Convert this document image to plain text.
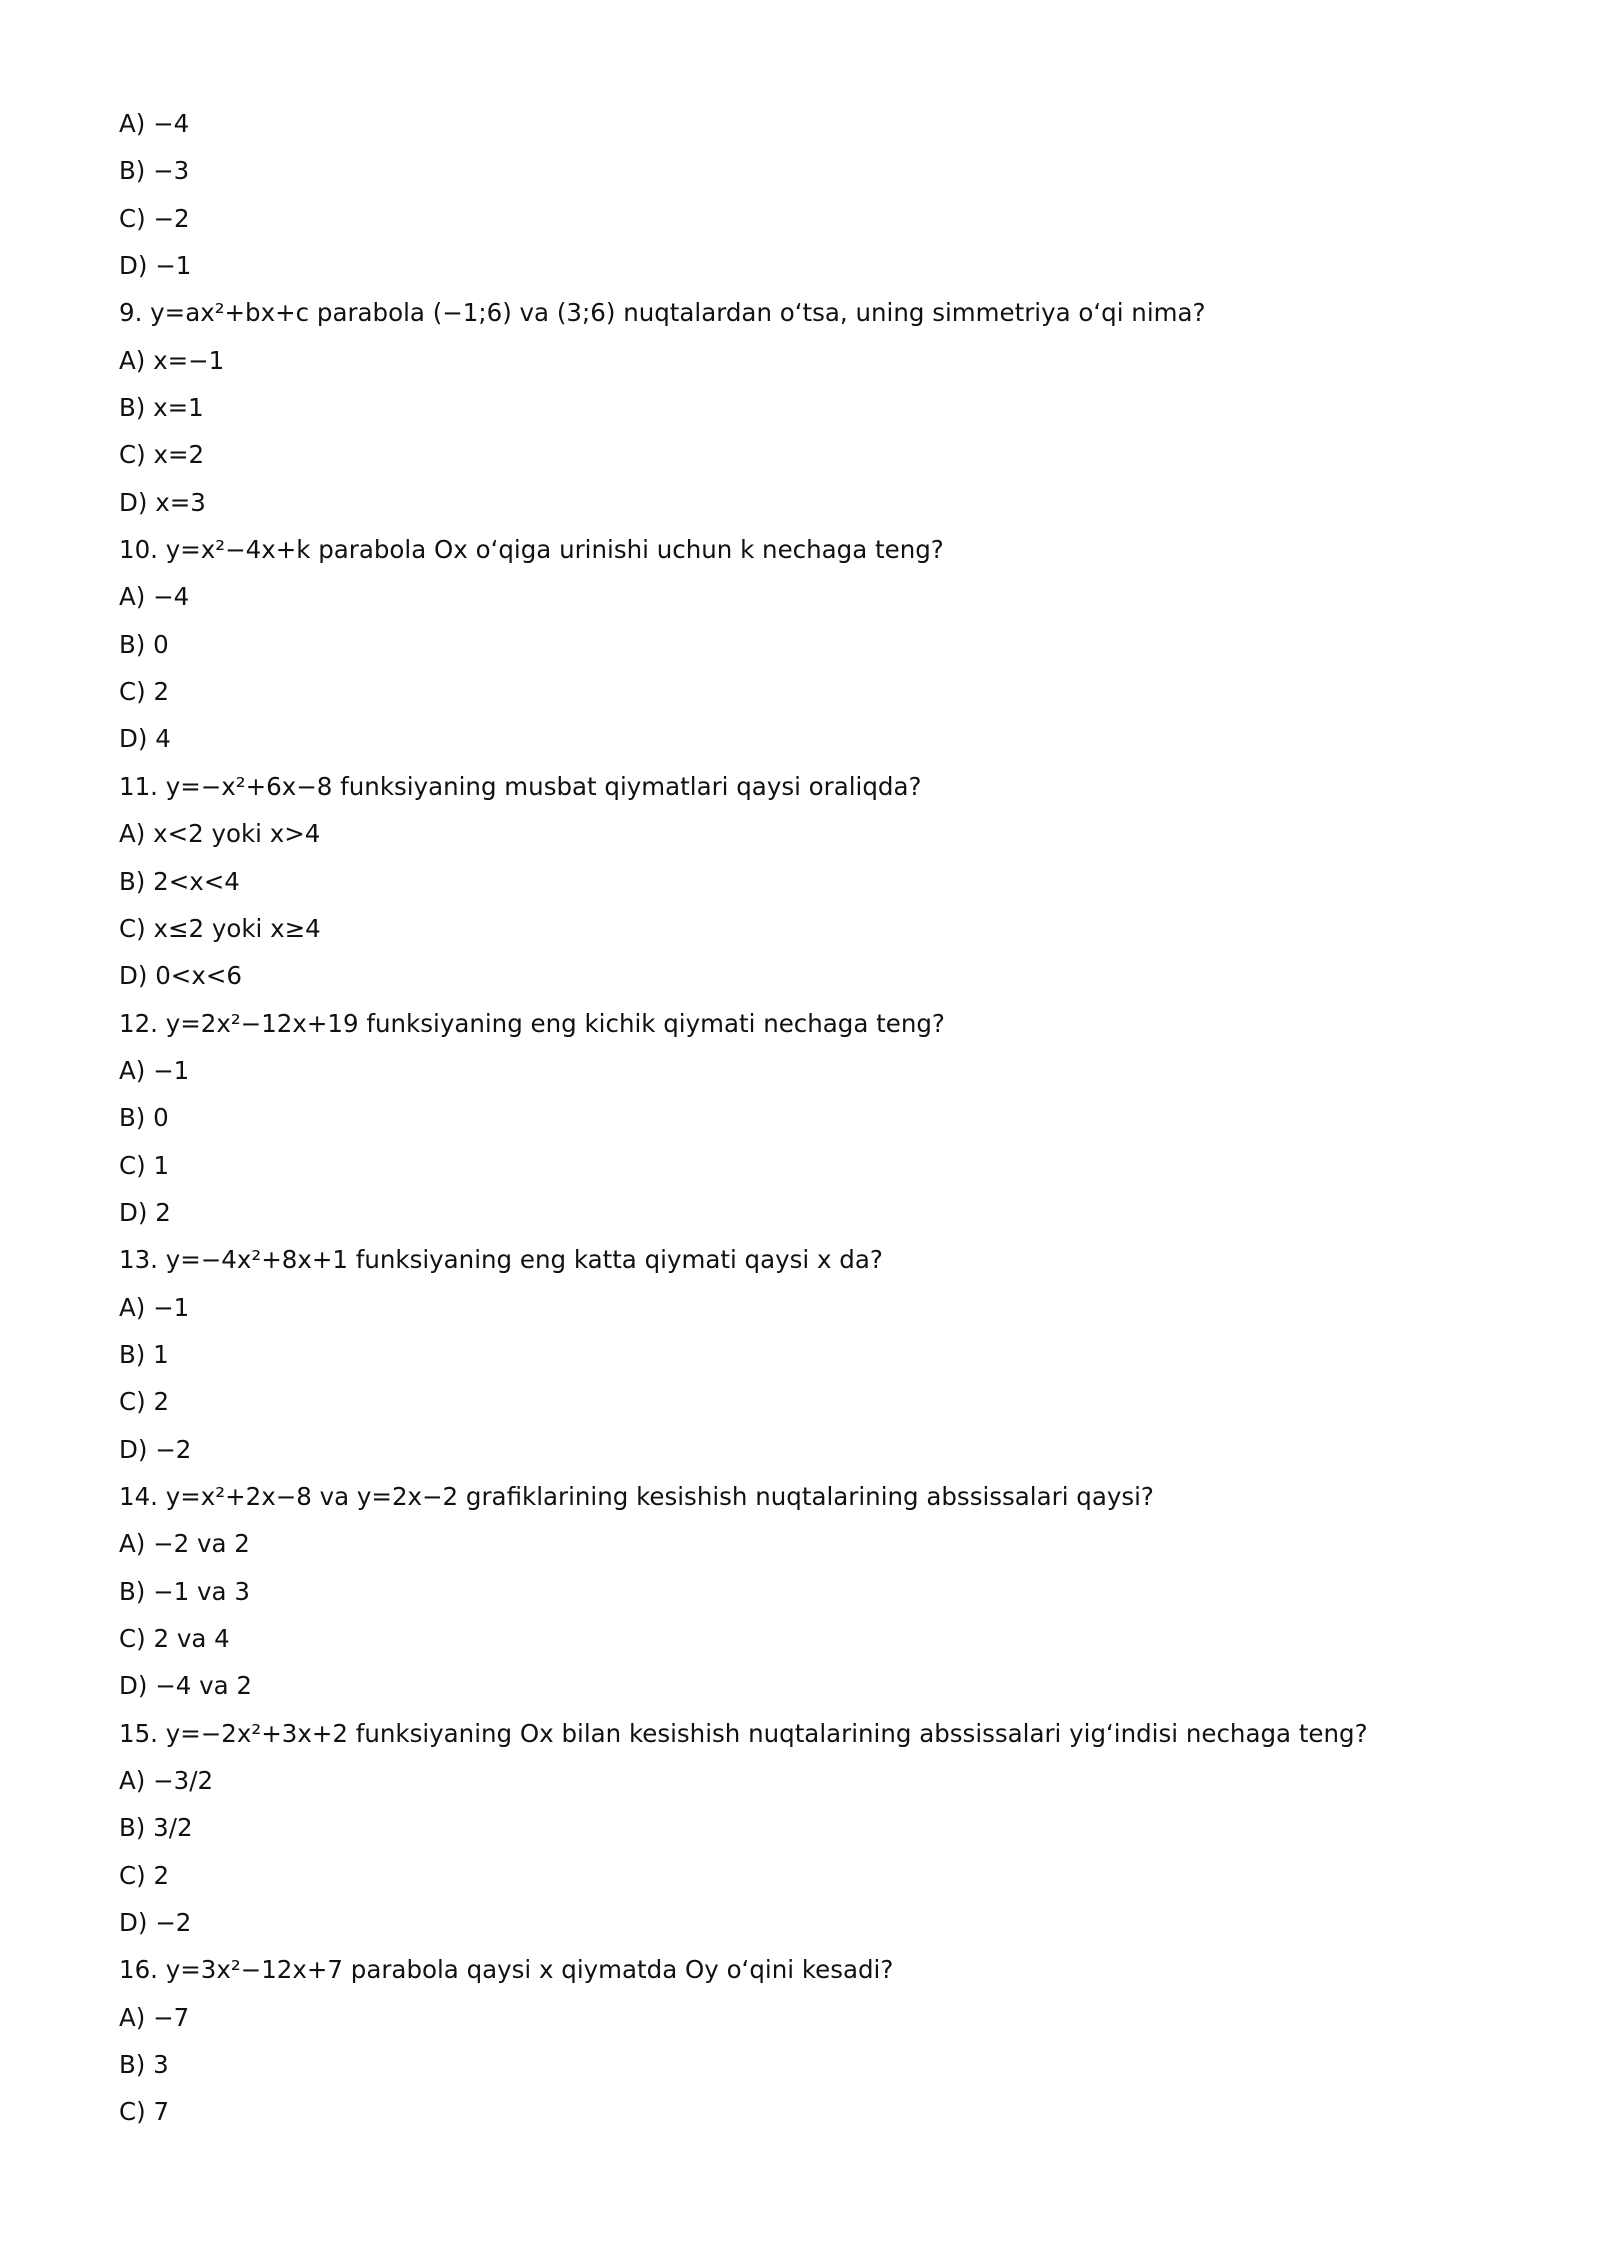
A) −4
B) −3
C) −2
D) −1
9. y=ax²+bx+c parabola (−1;6) va (3;6) nuqtalardan oʻtsa, uning simmetriya oʻqi nima?
A) x=−1
B) x=1
C) x=2
D) x=3
10. y=x²−4x+k parabola Ox oʻqiga urinishi uchun k nechaga teng?
A) −4
B) 0
C) 2
D) 4
11. y=−x²+6x−8 funksiyaning musbat qiymatlari qaysi oraliqda?
A) x<2 yoki x>4
B) 2<x<4
C) x≤2 yoki x≥4
D) 0<x<6
12. y=2x²−12x+19 funksiyaning eng kichik qiymati nechaga teng?
A) −1
B) 0
C) 1
D) 2
13. y=−4x²+8x+1 funksiyaning eng katta qiymati qaysi x da?
A) −1
B) 1
C) 2
D) −2
14. y=x²+2x−8 va y=2x−2 grafiklarining kesishish nuqtalarining abssissalari qaysi?
A) −2 va 2
B) −1 va 3
C) 2 va 4
D) −4 va 2
15. y=−2x²+3x+2 funksiyaning Ox bilan kesishish nuqtalarining abssissalari yigʻindisi nechaga teng?
A) −3/2
B) 3/2
C) 2
D) −2
16. y=3x²−12x+7 parabola qaysi x qiymatda Oy oʻqini kesadi?
A) −7
B) 3
C) 7
